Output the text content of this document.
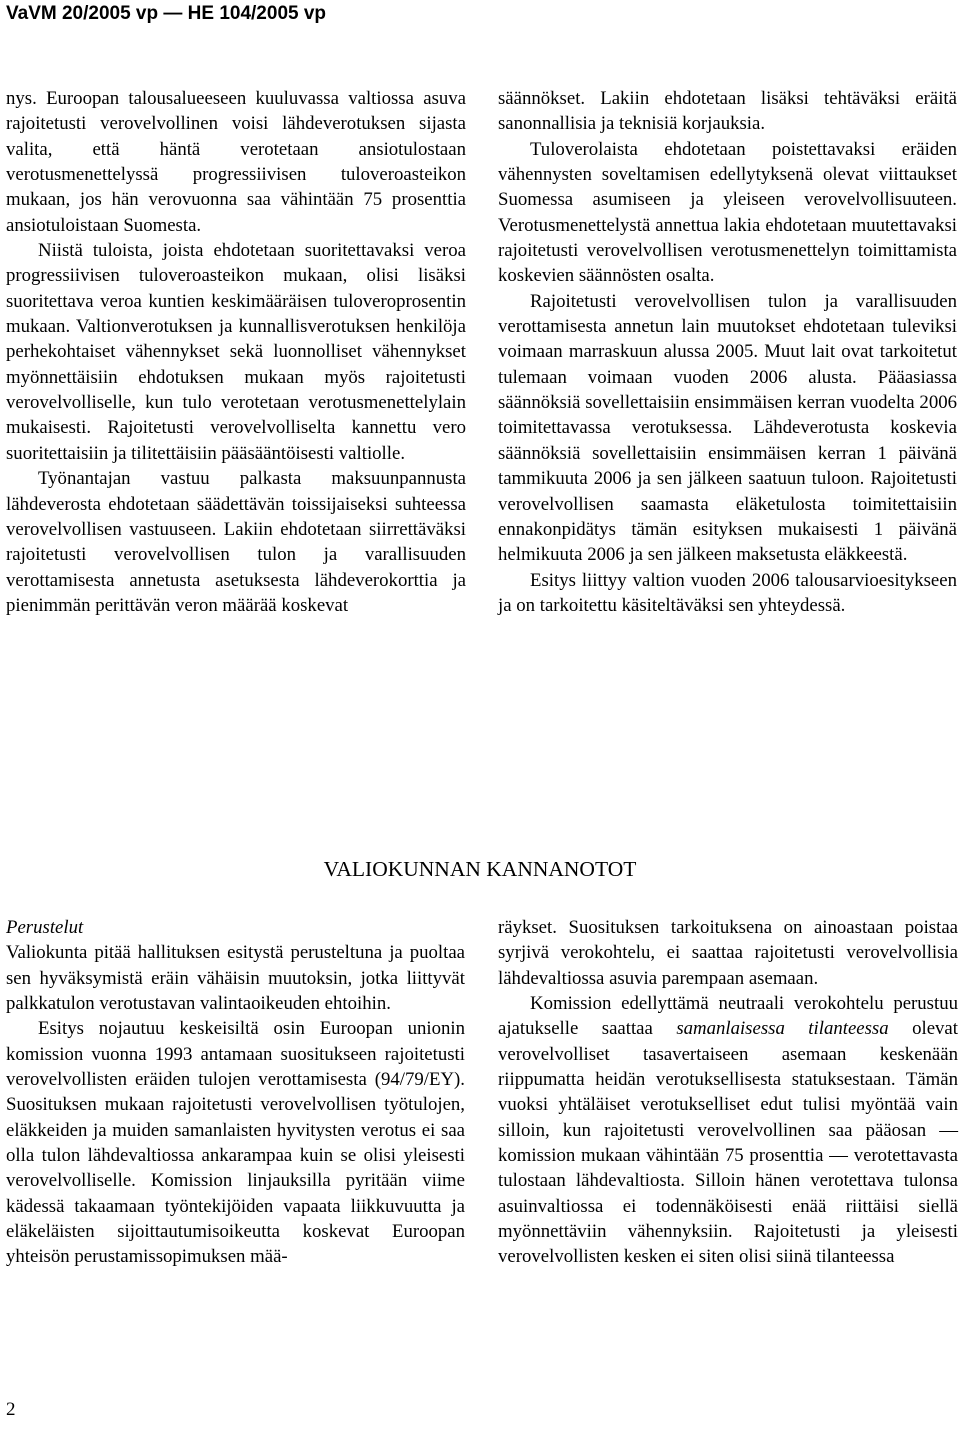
VaVM 20/2005 vp — HE 104/2005 vp

nys. Euroopan talousalueeseen kuuluvassa valtiossa asuva rajoitetusti verovelvollinen voisi lähdeverotuksen sijasta valita, että häntä verotetaan ansiotulostaan verotusmenettelyssä progressiivisen tuloveroasteikon mukaan, jos hän verovuonna saa vähintään 75 prosenttia ansiotuloistaan Suomesta.

Niistä tuloista, joista ehdotetaan suoritettavaksi veroa progressiivisen tuloveroasteikon mukaan, olisi lisäksi suoritettava veroa kuntien keskimääräisen tuloveroprosentin mukaan. Valtionverotuksen ja kunnallisverotuksen henkilöja perhekohtaiset vähennykset sekä luonnolliset vähennykset myönnettäisiin ehdotuksen mukaan myös rajoitetusti verovelvolliselle, kun tulo verotetaan verotusmenettelylain mukaisesti. Rajoitetusti verovelvolliselta kannettu vero suoritettaisiin ja tilitettäisiin pääsääntöisesti valtiolle.

Työnantajan vastuu palkasta maksuunpannusta lähdeverosta ehdotetaan säädettävän toissijaiseksi suhteessa verovelvollisen vastuuseen. Lakiin ehdotetaan siirrettäväksi rajoitetusti verovelvollisen tulon ja varallisuuden verottamisesta annetusta asetuksesta lähdeverokorttia ja pienimmän perittävän veron määrää koskevat

säännökset. Lakiin ehdotetaan lisäksi tehtäväksi eräitä sanonnallisia ja teknisiä korjauksia.

Tuloverolaista ehdotetaan poistettavaksi eräiden vähennysten soveltamisen edellytyksenä olevat viittaukset Suomessa asumiseen ja yleiseen verovelvollisuuteen. Verotusmenettelystä annettua lakia ehdotetaan muutettavaksi rajoitetusti verovelvollisen verotusmenettelyn toimittamista koskevien säännösten osalta.

Rajoitetusti verovelvollisen tulon ja varallisuuden verottamisesta annetun lain muutokset ehdotetaan tuleviksi voimaan marraskuun alussa 2005. Muut lait ovat tarkoitetut tulemaan voimaan vuoden 2006 alusta. Pääasiassa säännöksiä sovellettaisiin ensimmäisen kerran vuodelta 2006 toimitettavassa verotuksessa. Lähdeverotusta koskevia säännöksiä sovellettaisiin ensimmäisen kerran 1 päivänä tammikuuta 2006 ja sen jälkeen saatuun tuloon. Rajoitetusti verovelvollisen saamasta eläketulosta toimitettaisiin ennakonpidätys tämän esityksen mukaisesti 1 päivänä helmikuuta 2006 ja sen jälkeen maksetusta eläkkeestä.

Esitys liittyy valtion vuoden 2006 talousarvioesitykseen ja on tarkoitettu käsiteltäväksi sen yhteydessä.

VALIOKUNNAN KANNANOTOT

Perustelut

Valiokunta pitää hallituksen esitystä perusteltuna ja puoltaa sen hyväksymistä eräin vähäisin muutoksin, jotka liittyvät palkkatulon verotustavan valintaoikeuden ehtoihin.

Esitys nojautuu keskeisiltä osin Euroopan unionin komission vuonna 1993 antamaan suositukseen rajoitetusti verovelvollisten eräiden tulojen verottamisesta (94/79/EY). Suosituksen mukaan rajoitetusti verovelvollisen työtulojen, eläkkeiden ja muiden samanlaisten hyvitysten verotus ei saa olla tulon lähdevaltiossa ankarampaa kuin se olisi yleisesti verovelvolliselle. Komission linjauksilla pyritään viime kädessä takaamaan työntekijöiden vapaata liikkuvuutta ja eläkeläisten sijoittautumisoikeutta koskevat Euroopan yhteisön perustamissopimuksen mää-

räykset. Suosituksen tarkoituksena on ainoastaan poistaa syrjivä verokohtelu, ei saattaa rajoitetusti verovelvollisia lähdevaltiossa asuvia parempaan asemaan.

Komission edellyttämä neutraali verokohtelu perustuu ajatukselle saattaa samanlaisessa tilanteessa olevat verovelvolliset tasavertaiseen asemaan keskenään riippumatta heidän verotuksellisesta statuksestaan. Tämän vuoksi yhtäläiset verotukselliset edut tulisi myöntää vain silloin, kun rajoitetusti verovelvollinen saa pääosan — komission mukaan vähintään 75 prosenttia — verotettavasta tulostaan lähdevaltiosta. Silloin hänen verotettava tulonsa asuinvaltiossa ei todennäköisesti enää riittäisi siellä myönnettäviin vähennyksiin. Rajoitetusti ja yleisesti verovelvollisten kesken ei siten olisi siinä tilanteessa

2
